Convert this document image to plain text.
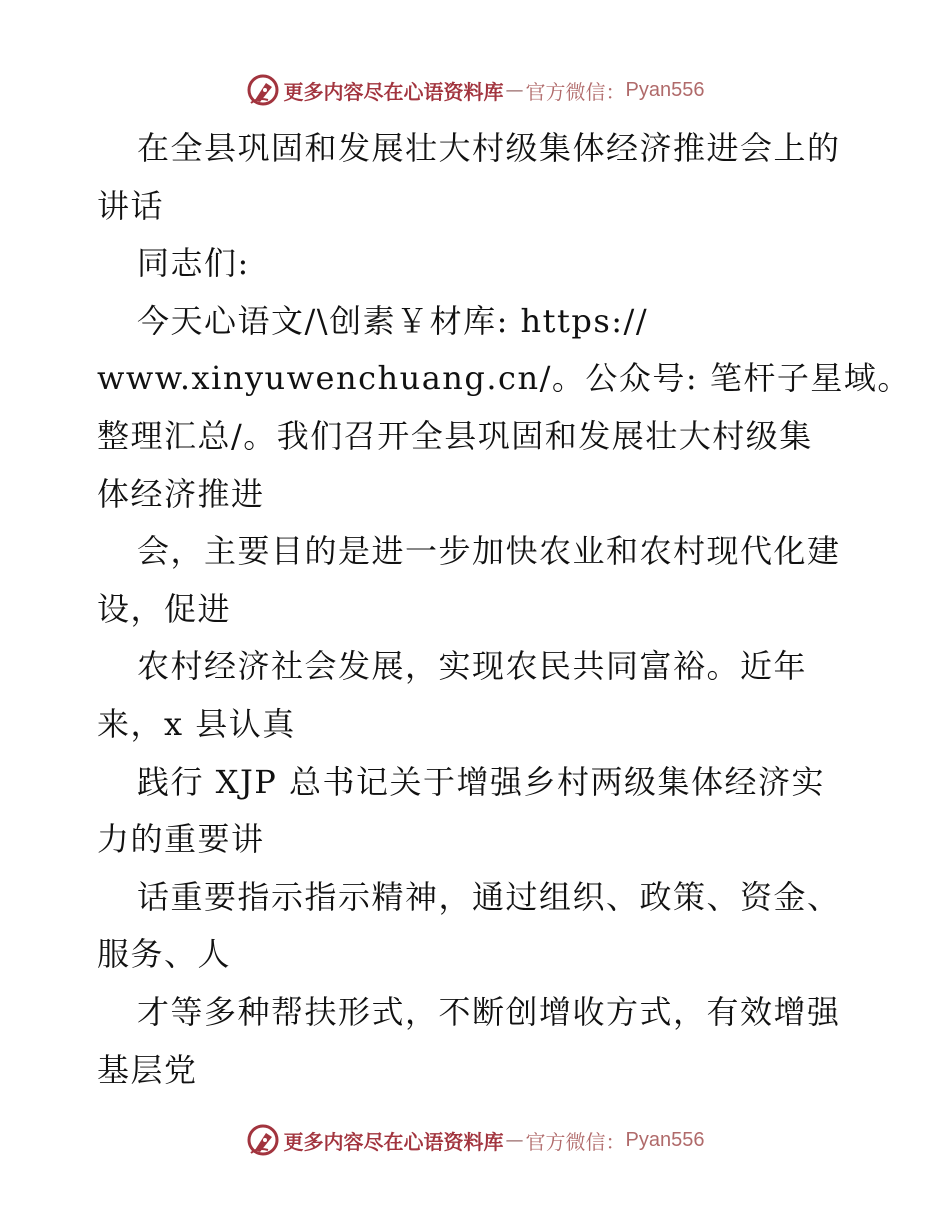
更多内容尽在心语资料库 — 官方微信： Pyan556
在全县巩固和发展壮大村级集体经济推进会上的
讲话
同志们:
今天心语文/\创素￥材库: https://
www.xinyuwenchuang.cn/。公众号: 笔杆子星域。
整理汇总/。我们召开全县巩固和发展壮大村级集
体经济推进
会，主要目的是进一步加快农业和农村现代化建
设，促进
农村经济社会发展，实现农民共同富裕。近年
来，x 县认真
践行 XJP 总书记关于增强乡村两级集体经济实
力的重要讲
话重要指示指示精神，通过组织、政策、资金、
服务、人
才等多种帮扶形式，不断创增收方式，有效增强
基层党
更多内容尽在心语资料库 — 官方微信： Pyan556
